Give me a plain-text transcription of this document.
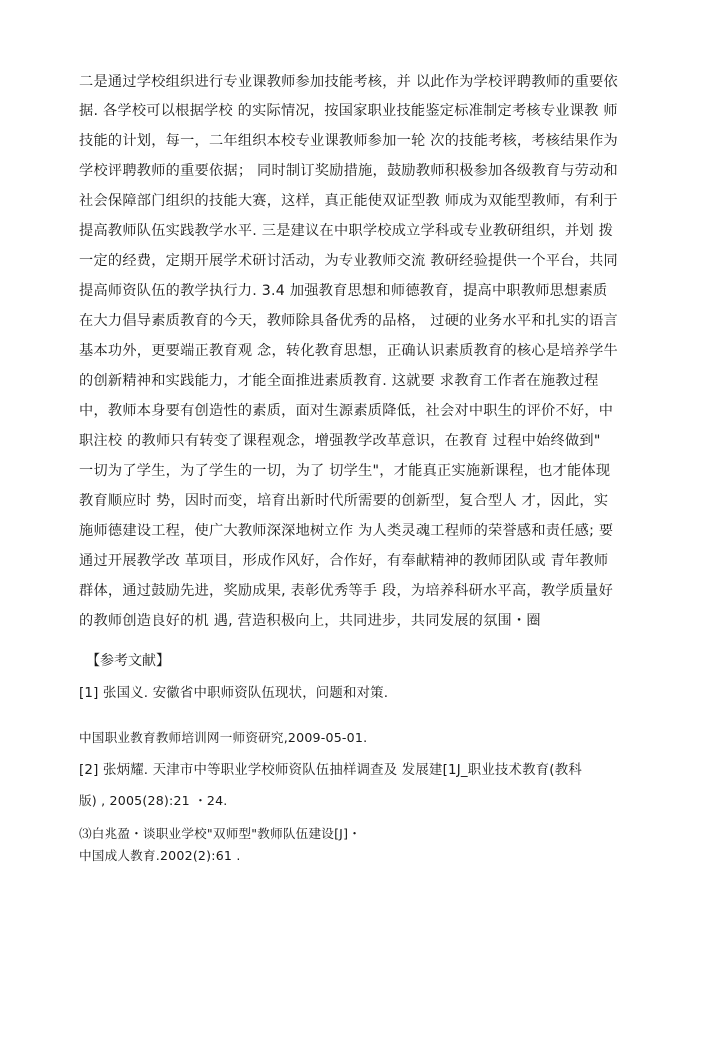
二是通过学校组织进行专业课教师参加技能考核，并 以此作为学校评聘教师的重要依
据. 各学校可以根据学校 的实际情况，按国家职业技能鉴定标准制定考核专业课教 师
技能的计划，每一，二年组织本校专业课教师参加一轮 次的技能考核，考核结果作为
学校评聘教师的重要依据； 同时制订奖励措施，鼓励教师积极参加各级教育与劳动和
社会保障部门组织的技能大赛，这样，真正能使双证型教 师成为双能型教师，有利于
提高教师队伍实践教学水平. 三是建议在中职学校成立学科或专业教研组织，并划 拨
一定的经费，定期开展学术研讨活动，为专业教师交流 教研经验提供一个平台，共同
提高师资队伍的教学执行力. 3.4 加强教育思想和师德教育，提高中职教师思想素质
在大力倡导素质教育的今天，教师除具备优秀的品格， 过硬的业务水平和扎实的语言
基本功外，更要端正教育观 念，转化教育思想，正确认识素质教育的核心是培养学牛
的创新精神和实践能力，才能全面推进素质教育. 这就要 求教育工作者在施教过程
中，教师本身要有创造性的素质，面对生源素质降低，社会对中职生的评价不好，中
职注校 的教师只有转变了课程观念，增强教学改革意识，在教育 过程中始终做到"
一切为了学生，为了学生的一切，为了 切学生"，才能真正实施新课程，也才能体现
教育顺应时 势，因时而变，培育出新时代所需要的创新型，复合型人 才，因此，实
施师德建设工程，使广大教师深深地树立作 为人类灵魂工程师的荣誉感和责任感; 要
通过开展教学改 革项目，形成作风好，合作好，有奉献精神的教师团队或 青年教师
群体，通过鼓励先进，奖励成果, 表彰优秀等手 段，为培养科研水平高，教学质量好
的教师创造良好的机 遇, 营造积极向上，共同进步，共同发展的氛围・圈
【参考文献】
[1] 张国义. 安徽省中职师资队伍现状，问题和对策.
中国职业教育教师培训网一师资研究,2009-05-01.
[2] 张炳耀. 天津市中等职业学校师资队伍抽样调查及 发展建[1J_职业技术教育(教科
版) , 2005(28):21 ・24.
⑶白兆盈・谈职业学校"双师型"教师队伍建设[J]・
中国成人教育.2002(2):61 .
